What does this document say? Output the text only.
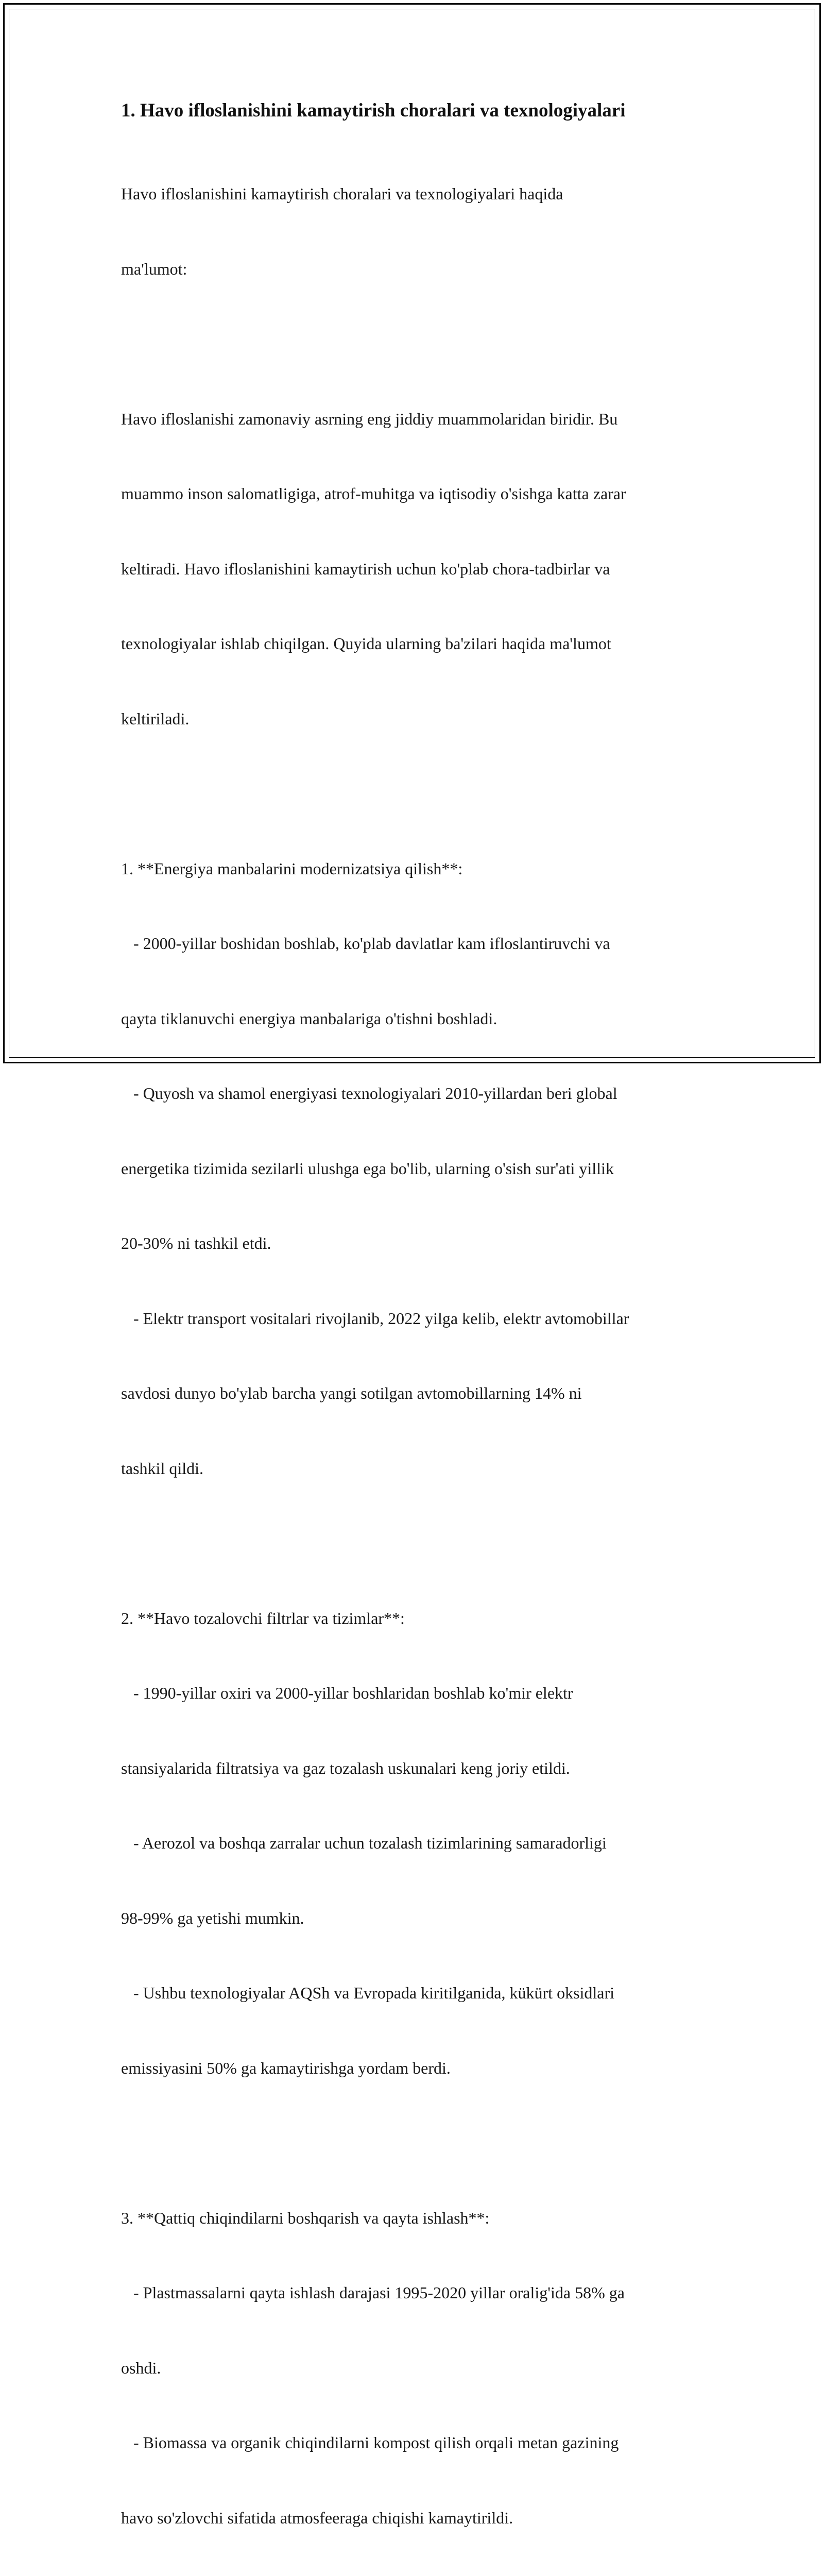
1. Havo ifloslanishini kamaytirish choralari va texnologiyalari

Havo ifloslanishini kamaytirish choralari va texnologiyalari haqida

ma'lumot:

Havo ifloslanishi zamonaviy asrning eng jiddiy muammolaridan biridir. Bu

muammo inson salomatligiga, atrof-muhitga va iqtisodiy o'sishga katta zarar

keltiradi. Havo ifloslanishini kamaytirish uchun ko'plab chora-tadbirlar va

texnologiyalar ishlab chiqilgan. Quyida ularning ba'zilari haqida ma'lumot

keltiriladi.

1. **Energiya manbalarini modernizatsiya qilish**:

- 2000-yillar boshidan boshlab, ko'plab davlatlar kam ifloslantiruvchi va

qayta tiklanuvchi energiya manbalariga o'tishni boshladi.

- Quyosh va shamol energiyasi texnologiyalari 2010-yillardan beri global

energetika tizimida sezilarli ulushga ega bo'lib, ularning o'sish sur'ati yillik

20-30% ni tashkil etdi.

- Elektr transport vositalari rivojlanib, 2022 yilga kelib, elektr avtomobillar

savdosi dunyo bo'ylab barcha yangi sotilgan avtomobillarning 14% ni

tashkil qildi.

2. **Havo tozalovchi filtrlar va tizimlar**:

- 1990-yillar oxiri va 2000-yillar boshlaridan boshlab ko'mir elektr

stansiyalarida filtratsiya va gaz tozalash uskunalari keng joriy etildi.

- Aerozol va boshqa zarralar uchun tozalash tizimlarining samaradorligi

98-99% ga yetishi mumkin.

- Ushbu texnologiyalar AQSh va Evropada kiritilganida, kükürt oksidlari

emissiyasini 50% ga kamaytirishga yordam berdi.

3. **Qattiq chiqindilarni boshqarish va qayta ishlash**:

- Plastmassalarni qayta ishlash darajasi 1995-2020 yillar oralig'ida 58% ga

oshdi.

- Biomassa va organik chiqindilarni kompost qilish orqali metan gazining

havo so'zlovchi sifatida atmosfeeraga chiqishi kamaytirildi.
